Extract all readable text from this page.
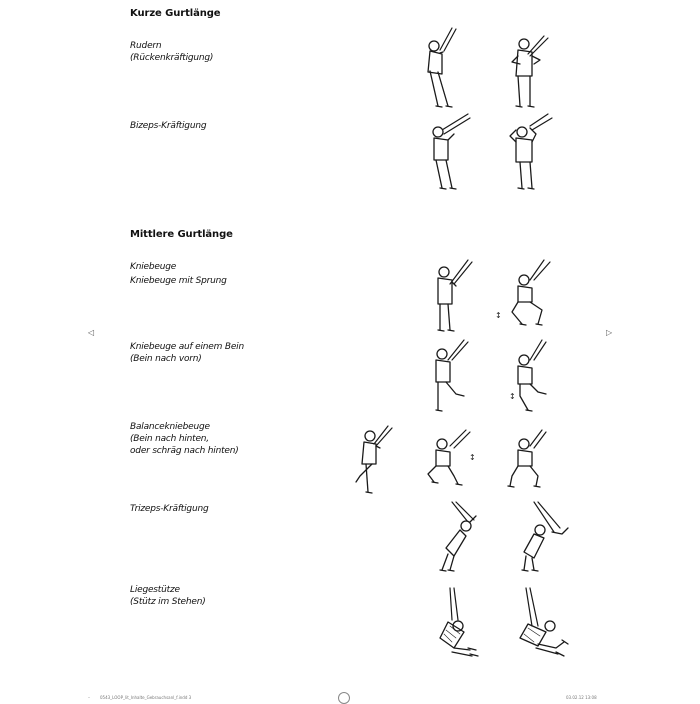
Kurze Gurtlänge
Rudern
(Rückenkräftigung)
Bizeps-Kräftigung
Mittlere Gurtlänge
Kniebeuge
Kniebeuge mit Sprung
Kniebeuge auf einem Bein
(Bein nach vorn)
Balancekniebeuge
(Bein nach hinten,
oder schräg nach hinten)
Trizeps-Kräftigung
Liegestütze
(Stütz im Stehen)
↕
↕
↕
◁	▷
–	0543_LOOP_lit_Inhalte_Gebrauchsanl_f.indd 3	03.02.12 13:08
